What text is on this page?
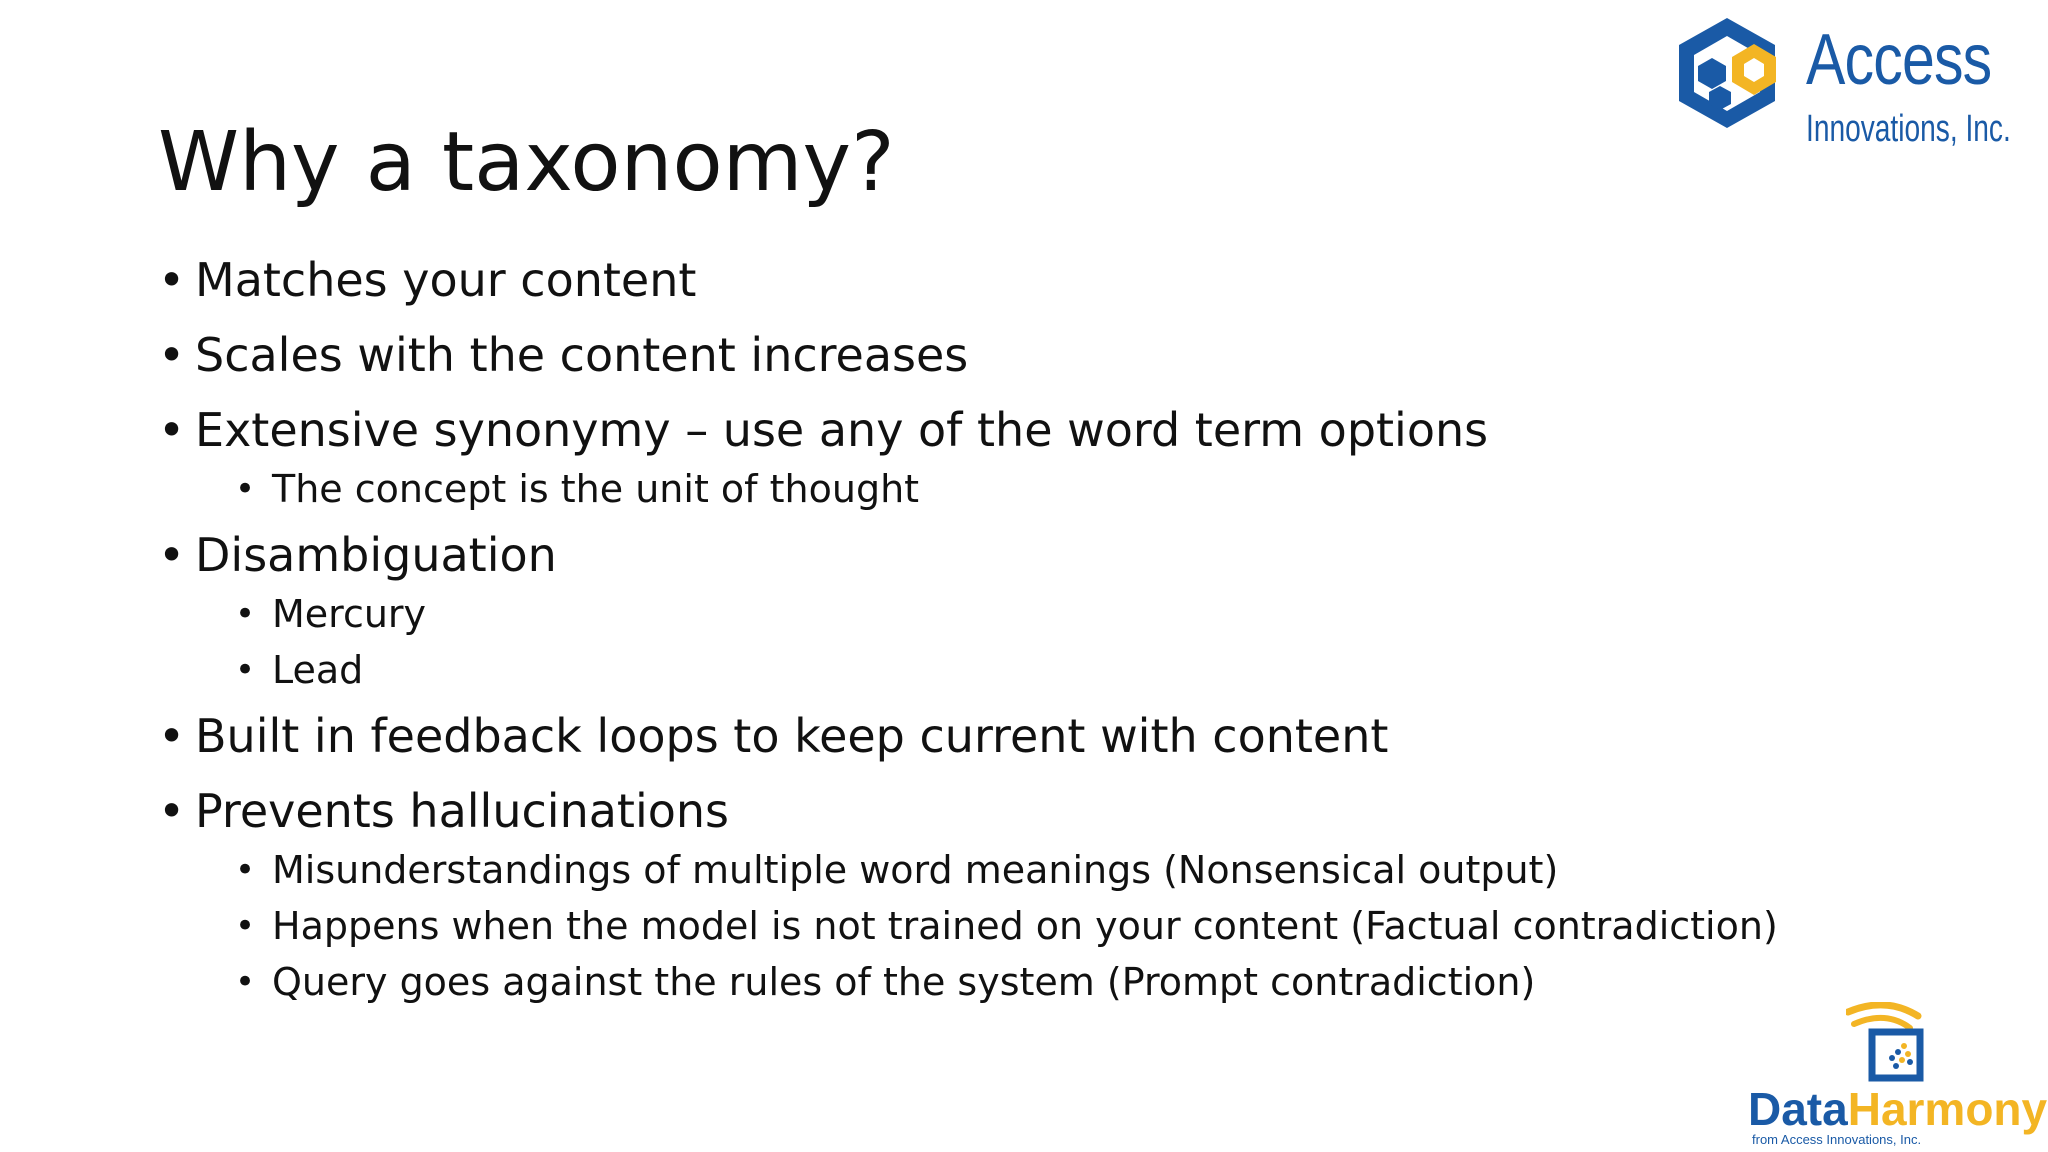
Access
Innovations, Inc.
Why a taxonomy?
• Matches your content
• Scales with the content increases
• Extensive synonymy – use any of the word term options
• The concept is the unit of thought
• Disambiguation
• Mercury
• Lead
• Built in feedback loops to keep current with content
• Prevents hallucinations
• Misunderstandings of multiple word meanings (Nonsensical output)
• Happens when the model is not trained on your content (Factual contradiction)
• Query goes against the rules of the system (Prompt contradiction)
DataHarmony
from Access Innovations, Inc.
